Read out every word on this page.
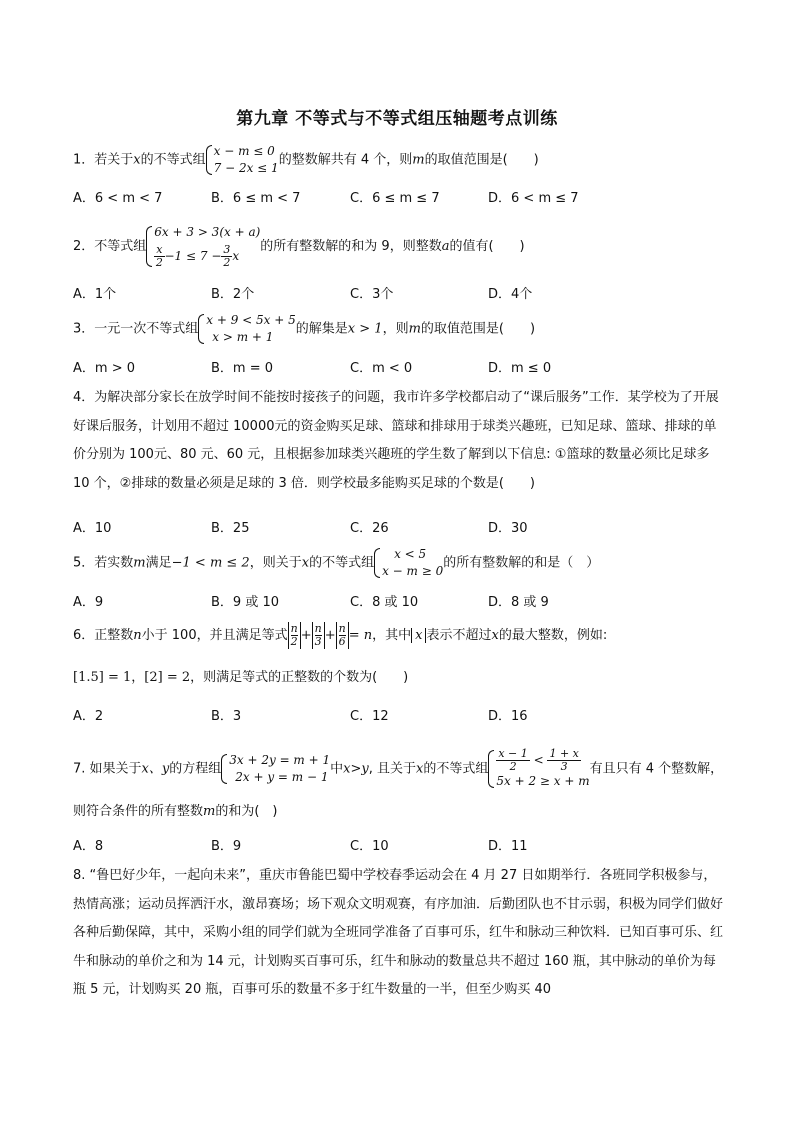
第九章 不等式与不等式组压轴题考点训练
1．若关于x的不等式组
x − m ≤ 0
7 − 2x ≤ 1
的整数解共有 4 个，则m的取值范围是(　　)
A．6 < m < 7	B．6 ≤ m < 7	C．6 ≤ m ≤ 7	D．6 < m ≤ 7
2．不等式组
6x + 3 > 3(x + a)
$\frac{x}{2} -1 \le 7 - \frac{3}{2}$ x
的所有整数解的和为 9，则整数a的值有(　　)
A．1个	B．2个	C．3个	D．4个
3．一元一次不等式组
x + 9 < 5x + 5
x > m + 1
的解集是x > 1，则m的取值范围是(　　)
A．m > 0	B．m = 0	C．m < 0	D．m ≤ 0
4．为解决部分家长在放学时间不能按时接孩子的问题，我市许多学校都启动了“课后服务”工作．某学校为了开展好课后服务，计划用不超过 10000元的资金购买足球、篮球和排球用于球类兴趣班，已知足球、篮球、排球的单价分别为 100元、80 元、60 元，且根据参加球类兴趣班的学生数了解到以下信息: ①篮球的数量必须比足球多 10 个，②排球的数量必须是足球的 3 倍．则学校最多能购买足球的个数是(　　)
A．10	B．25	C．26	D．30
5．若实数m满足−1 < m ≤ 2，则关于x的不等式组
x < 5
x − m ≥ 0
的所有整数解的和是（　）
A．9	B．9 或 10	C．8 或 10	D．8 或 9
6．正整数n小于 100，并且满足等式 $\frac{n}{2} + \frac{n}{3} + \frac{n}{6} = n$，其中 x 表示不超过x的最大整数，例如:
[1.5] = 1，[2] = 2，则满足等式的正整数的个数为(　　)
A．2	B．3	C．12	D．16
7. 如果关于x、y的方程组
3x + 2y = m + 1
2x + y = m − 1
中x>y, 且关于x的不等式组 $\frac{x - 1}{2} < \frac{1 + x}{3}$
5x + 2 ≥ x + m
有且只有 4 个整数解，
则符合条件的所有整数m的和为(　)
A．8	B．9	C．10	D．11
8. “鲁巴好少年，一起向未来”，重庆市鲁能巴蜀中学校春季运动会在 4 月 27 日如期举行．各班同学积极参与，热情高涨；运动员挥洒汗水，激昂赛场；场下观众文明观赛，有序加油．后勤团队也不甘示弱，积极为同学们做好各种后勤保障，其中，采购小组的同学们就为全班同学准备了百事可乐，红牛和脉动三种饮料．已知百事可乐、红牛和脉动的单价之和为 14 元，计划购买百事可乐，红牛和脉动的数量总共不超过 160 瓶，其中脉动的单价为每瓶 5 元，计划购买 20 瓶，百事可乐的数量不多于红牛数量的一半，但至少购买 40
